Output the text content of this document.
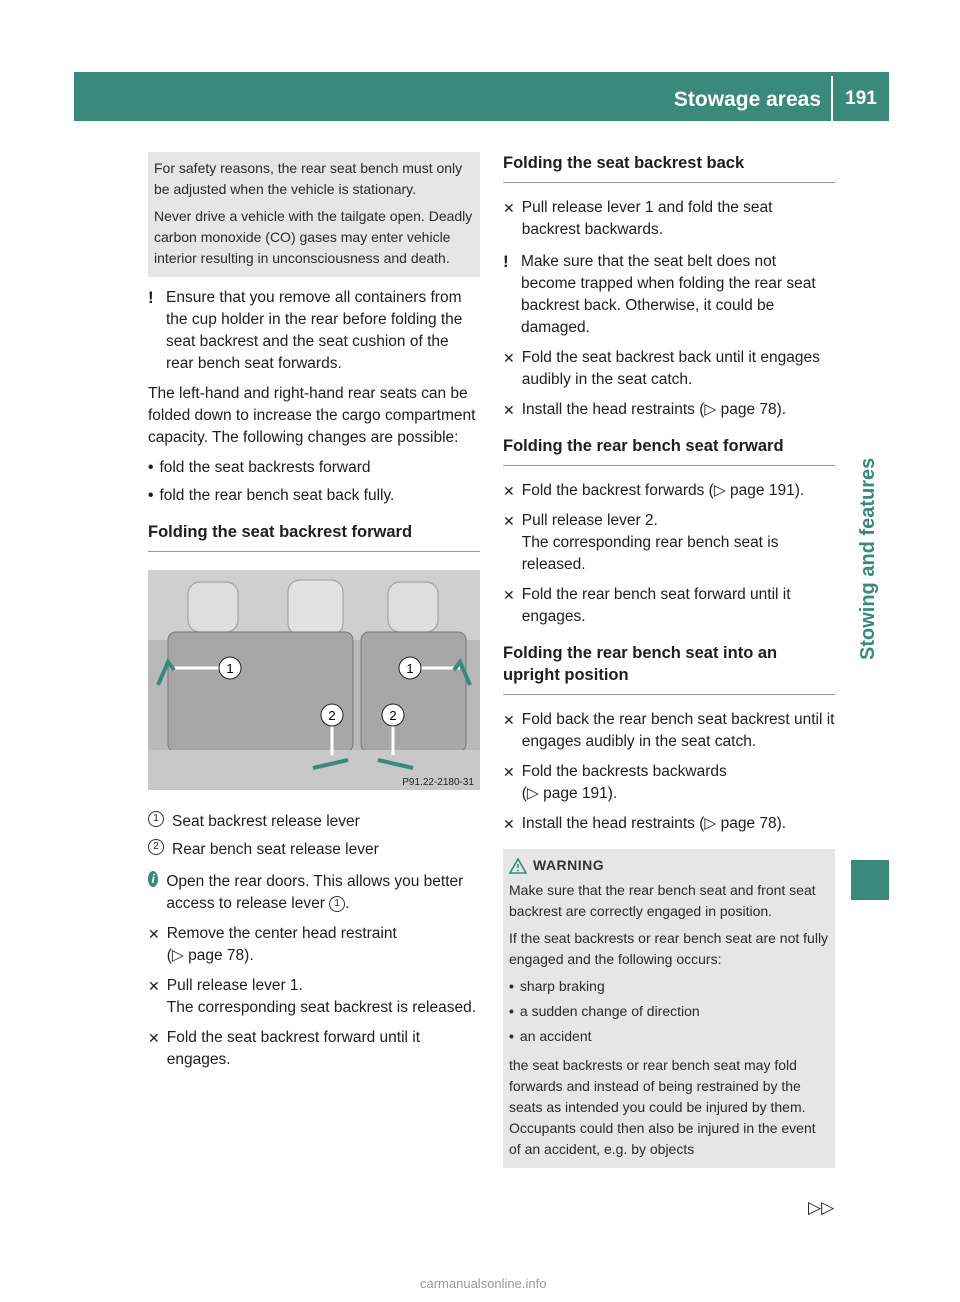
Stowage areas	191
Stowing and features

For safety reasons, the rear seat bench must only be adjusted when the vehicle is stationary.

Never drive a vehicle with the tailgate open. Deadly carbon monoxide (CO) gases may enter vehicle interior resulting in unconsciousness and death.

! Ensure that you remove all containers from the cup holder in the rear before folding the seat backrest and the seat cushion of the rear bench seat forwards.

The left-hand and right-hand rear seats can be folded down to increase the cargo compartment capacity. The following changes are possible:

• fold the seat backrests forward
• fold the rear bench seat back fully.
Folding the seat backrest forward
1	1
2	2
P91.22-2180-31
1 Seat backrest release lever
2 Rear bench seat release lever
i Open the rear doors. This allows you better access to release lever 1 .
✕ Remove the center head restraint
(▷ page 78).
✕ Pull release lever 1.
The corresponding seat backrest is released.
✕ Fold the seat backrest forward until it engages.
Folding the seat backrest back
✕ Pull release lever 1 and fold the seat backrest backwards.
! Make sure that the seat belt does not become trapped when folding the rear seat backrest back. Otherwise, it could be damaged.
✕ Fold the seat backrest back until it engages audibly in the seat catch.
✕ Install the head restraints (▷ page 78).
Folding the rear bench seat forward
✕ Fold the backrest forwards (▷ page 191).
✕ Pull release lever 2.
The corresponding rear bench seat is released.
✕ Fold the rear bench seat forward until it engages.
Folding the rear bench seat into an upright position
✕ Fold back the rear bench seat backrest until it engages audibly in the seat catch.
✕ Fold the backrests backwards
(▷ page 191).
✕ Install the head restraints (▷ page 78).
WARNING

Make sure that the rear bench seat and front seat backrest are correctly engaged in position.

If the seat backrests or rear bench seat are not fully engaged and the following occurs:

• sharp braking
• a sudden change of direction
• an accident

the seat backrests or rear bench seat may fold forwards and instead of being restrained by the seats as intended you could be injured by them. Occupants could then also be injured in the event of an accident, e.g. by objects

▷▷
carmanualsonline.info
